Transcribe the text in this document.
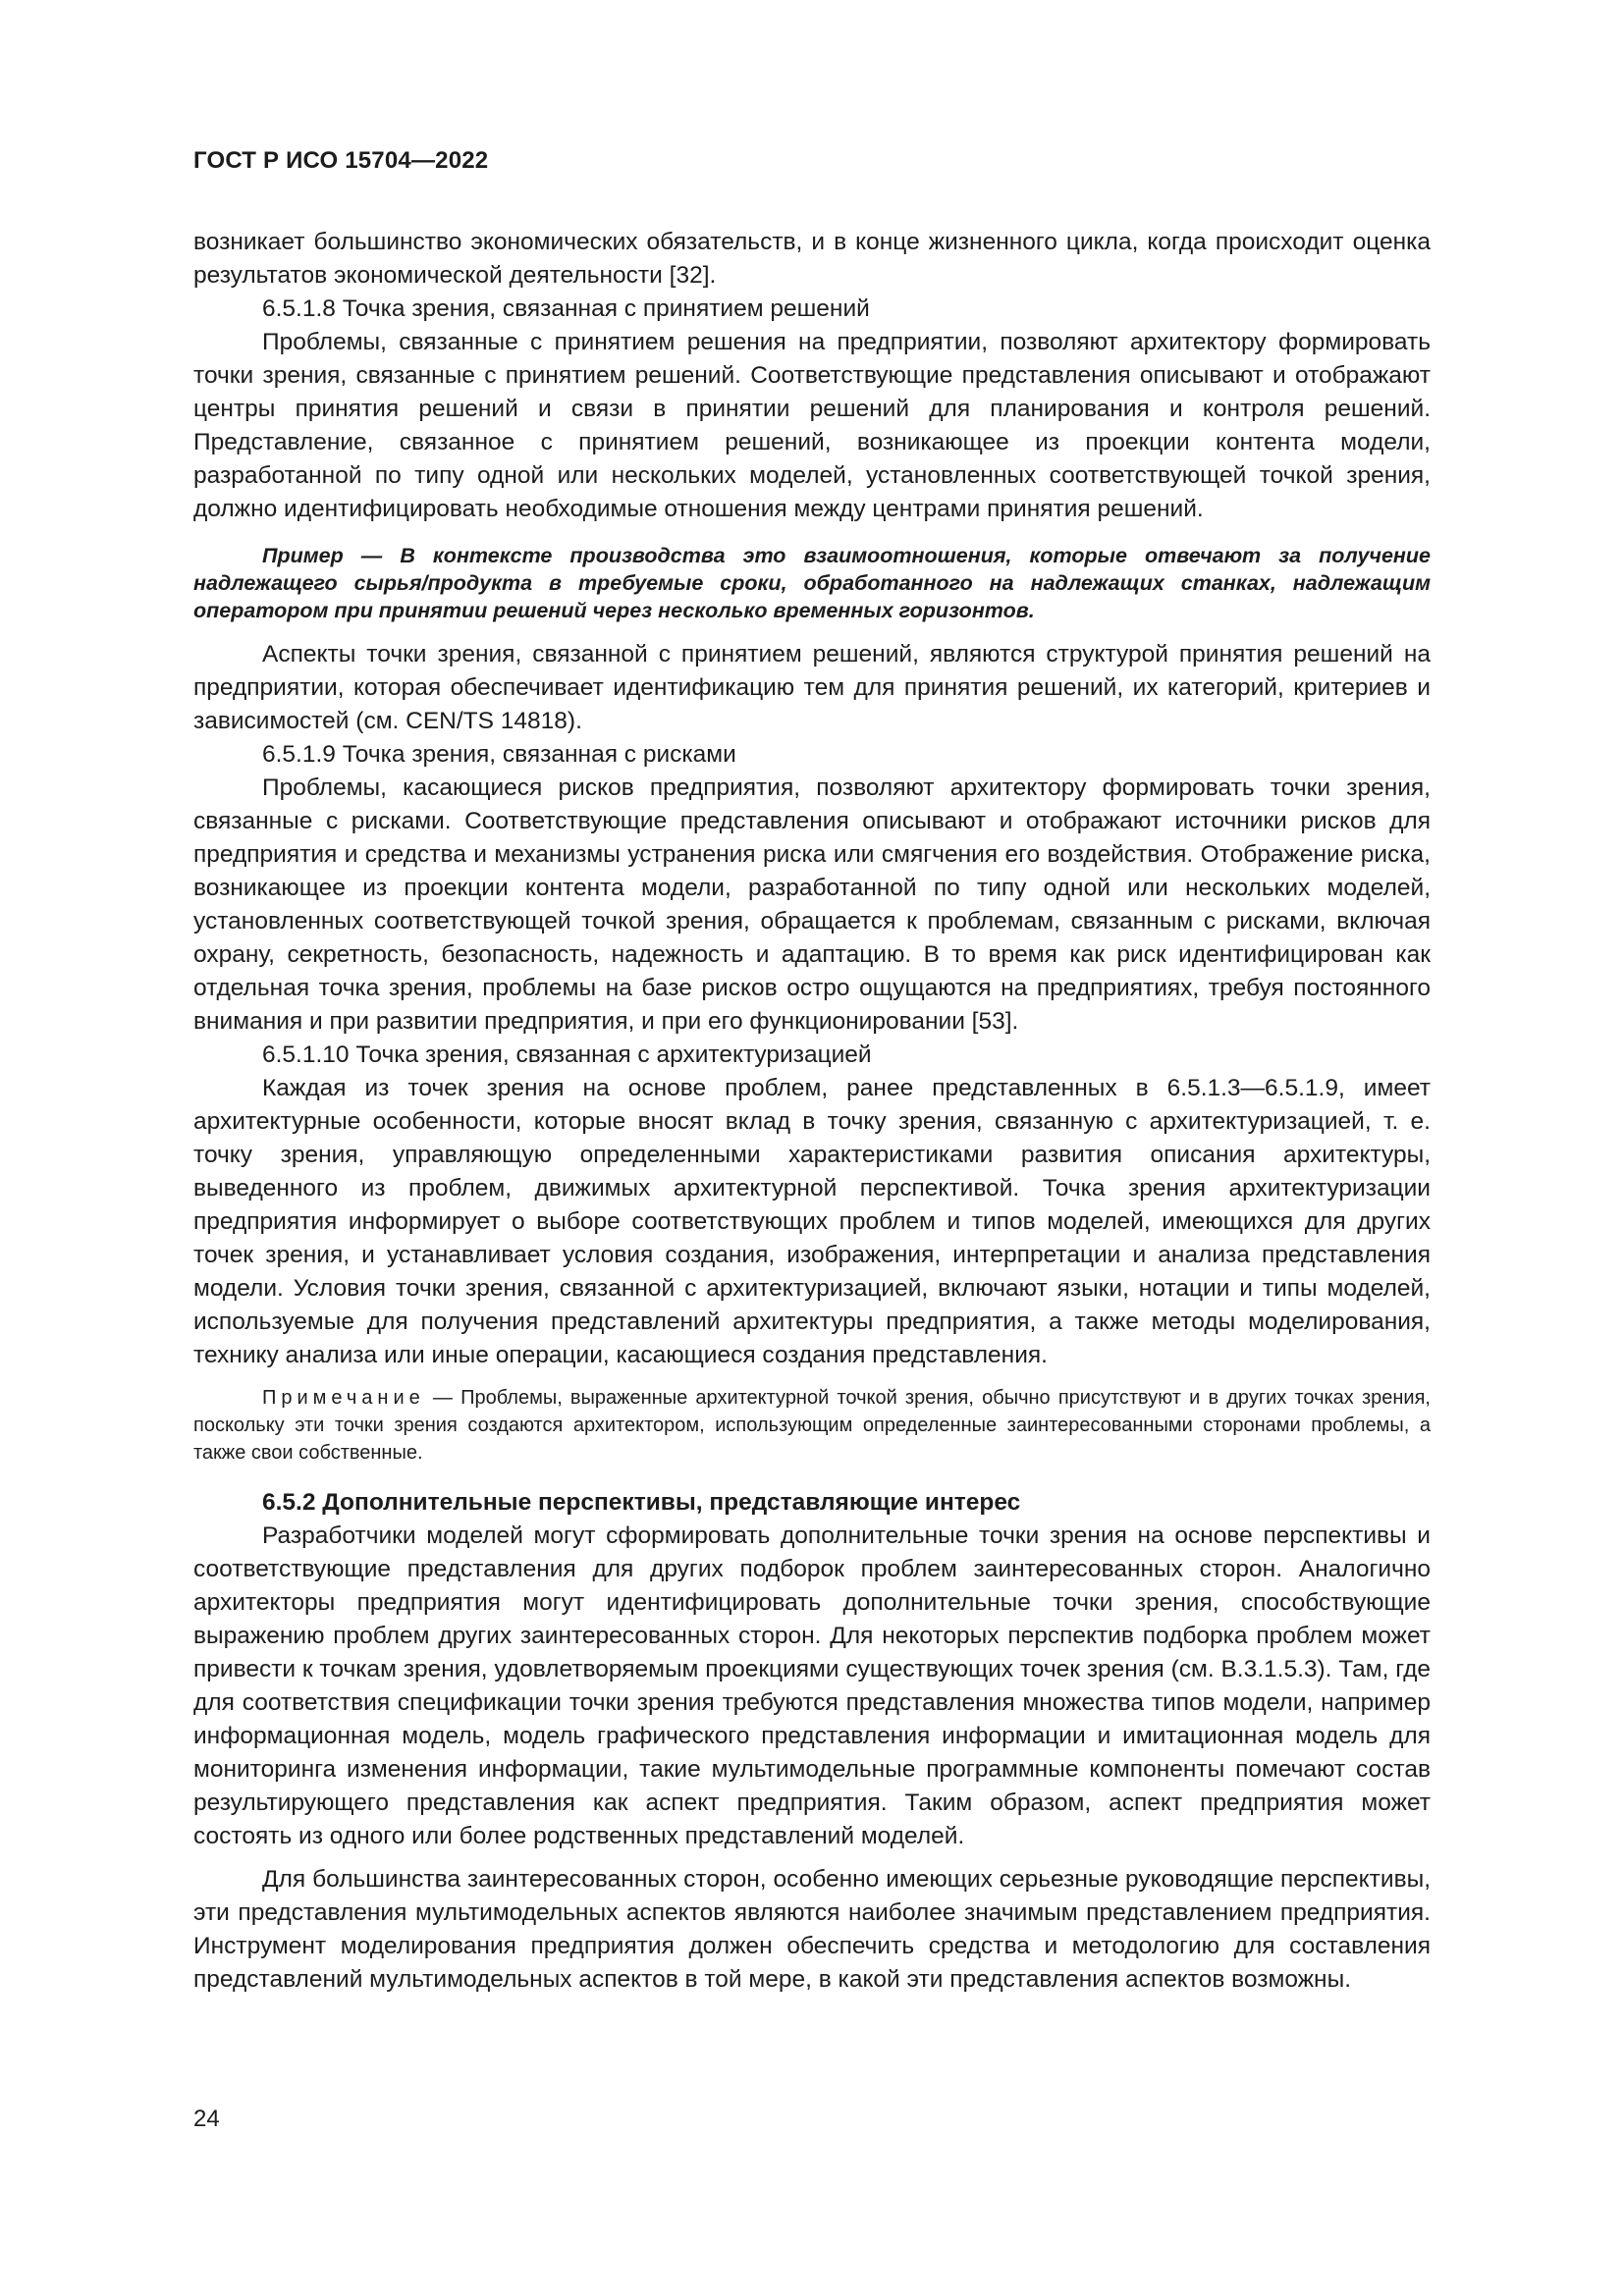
ГОСТ Р ИСО 15704—2022

возникает большинство экономических обязательств, и в конце жизненного цикла, когда происходит оценка результатов экономической деятельности [32].

6.5.1.8 Точка зрения, связанная с принятием решений

Проблемы, связанные с принятием решения на предприятии, позволяют архитектору формировать точки зрения, связанные с принятием решений. Соответствующие представления описывают и отображают центры принятия решений и связи в принятии решений для планирования и контроля решений. Представление, связанное с принятием решений, возникающее из проекции контента модели, разработанной по типу одной или нескольких моделей, установленных соответствующей точкой зрения, должно идентифицировать необходимые отношения между центрами принятия решений.

Пример — В контексте производства это взаимоотношения, которые отвечают за получение надлежащего сырья/продукта в требуемые сроки, обработанного на надлежащих станках, надлежащим оператором при принятии решений через несколько временных горизонтов.

Аспекты точки зрения, связанной с принятием решений, являются структурой принятия решений на предприятии, которая обеспечивает идентификацию тем для принятия решений, их категорий, критериев и зависимостей (см. CEN/TS 14818).

6.5.1.9 Точка зрения, связанная с рисками

Проблемы, касающиеся рисков предприятия, позволяют архитектору формировать точки зрения, связанные с рисками. Соответствующие представления описывают и отображают источники рисков для предприятия и средства и механизмы устранения риска или смягчения его воздействия. Отображение риска, возникающее из проекции контента модели, разработанной по типу одной или нескольких моделей, установленных соответствующей точкой зрения, обращается к проблемам, связанным с рисками, включая охрану, секретность, безопасность, надежность и адаптацию. В то время как риск идентифицирован как отдельная точка зрения, проблемы на базе рисков остро ощущаются на предприятиях, требуя постоянного внимания и при развитии предприятия, и при его функционировании [53].

6.5.1.10 Точка зрения, связанная с архитектуризацией

Каждая из точек зрения на основе проблем, ранее представленных в 6.5.1.3—6.5.1.9, имеет архитектурные особенности, которые вносят вклад в точку зрения, связанную с архитектуризацией, т. е. точку зрения, управляющую определенными характеристиками развития описания архитектуры, выведенного из проблем, движимых архитектурной перспективой. Точка зрения архитектуризации предприятия информирует о выборе соответствующих проблем и типов моделей, имеющихся для других точек зрения, и устанавливает условия создания, изображения, интерпретации и анализа представления модели. Условия точки зрения, связанной с архитектуризацией, включают языки, нотации и типы моделей, используемые для получения представлений архитектуры предприятия, а также методы моделирования, технику анализа или иные операции, касающиеся создания представления.

Примечание — Проблемы, выраженные архитектурной точкой зрения, обычно присутствуют и в других точках зрения, поскольку эти точки зрения создаются архитектором, использующим определенные заинтересованными сторонами проблемы, а также свои собственные.

6.5.2 Дополнительные перспективы, представляющие интерес

Разработчики моделей могут сформировать дополнительные точки зрения на основе перспективы и соответствующие представления для других подборок проблем заинтересованных сторон. Аналогично архитекторы предприятия могут идентифицировать дополнительные точки зрения, способствующие выражению проблем других заинтересованных сторон. Для некоторых перспектив подборка проблем может привести к точкам зрения, удовлетворяемым проекциями существующих точек зрения (см. В.3.1.5.3). Там, где для соответствия спецификации точки зрения требуются представления множества типов модели, например информационная модель, модель графического представления информации и имитационная модель для мониторинга изменения информации, такие мультимодельные программные компоненты помечают состав результирующего представления как аспект предприятия. Таким образом, аспект предприятия может состоять из одного или более родственных представлений моделей.

Для большинства заинтересованных сторон, особенно имеющих серьезные руководящие перспективы, эти представления мультимодельных аспектов являются наиболее значимым представлением предприятия. Инструмент моделирования предприятия должен обеспечить средства и методологию для составления представлений мультимодельных аспектов в той мере, в какой эти представления аспектов возможны.

24
